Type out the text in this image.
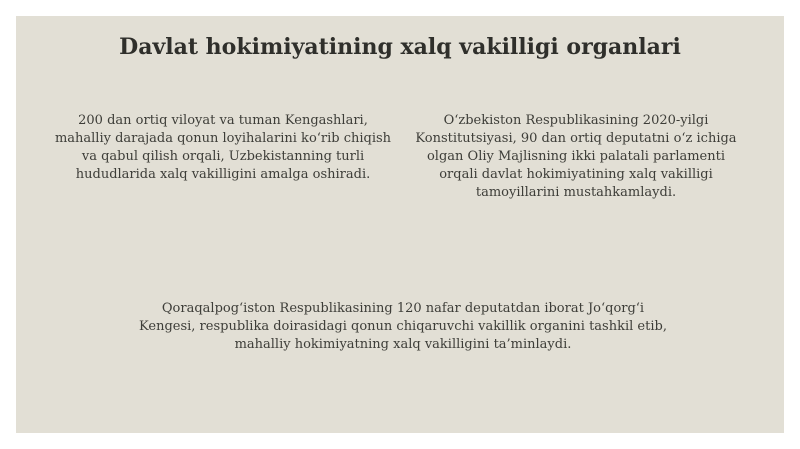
Davlat hokimiyatining xalq vakilligi organlari
200 dan ortiq viloyat va tuman Kengashlari, mahalliy darajada qonun loyihalarini ko‘rib chiqish va qabul qilish orqali, Uzbekistanning turli hududlarida xalq vakilligini amalga oshiradi.
O‘zbekiston Respublikasining 2020-yilgi Konstitutsiyasi, 90 dan ortiq deputatni o‘z ichiga olgan Oliy Majlisning ikki palatali parlamenti orqali davlat hokimiyatining xalq vakilligi tamoyillarini mustahkamlaydi.
Qoraqalpog‘iston Respublikasining 120 nafar deputatdan iborat Jo‘qorg‘i Kengesi, respublika doirasidagi qonun chiqaruvchi vakillik organini tashkil etib, mahalliy hokimiyatning xalq vakilligini ta’minlaydi.
